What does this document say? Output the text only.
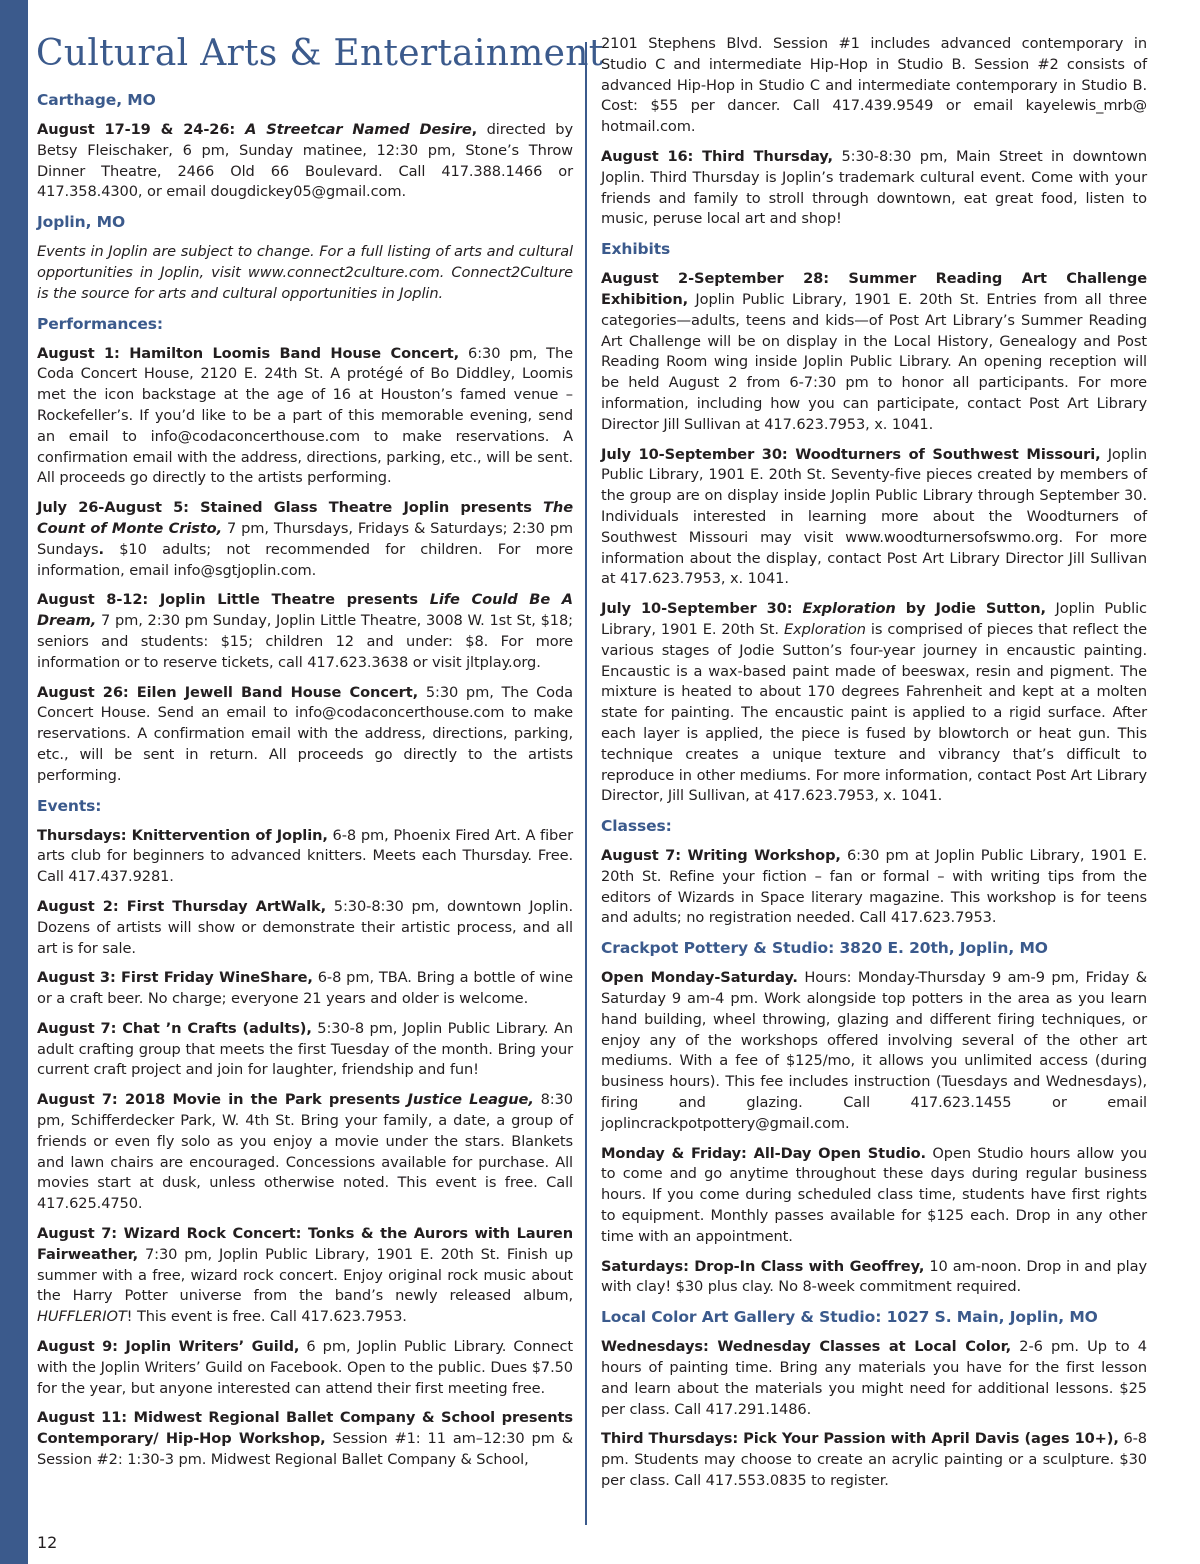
Cultural Arts & Entertainment
Carthage, MO

August 17-19 & 24-26: A Streetcar Named Desire, directed by Betsy Fleischaker, 6 pm, Sunday matinee, 12:30 pm, Stone’s Throw Dinner Theatre, 2466 Old 66 Boulevard. Call 417.388.1466 or 417.358.4300, or email dougdickey05@gmail.com.

Joplin, MO

Events in Joplin are subject to change. For a full listing of arts and cultural opportunities in Joplin, visit www.connect2culture.com. Connect2Culture is the source for arts and cultural opportunities in Joplin.

Performances:

August 1: Hamilton Loomis Band House Concert, 6:30 pm, The Coda Concert House, 2120 E. 24th St. A protégé of Bo Diddley, Loomis met the icon backstage at the age of 16 at Houston’s famed venue – Rockefeller’s. If you’d like to be a part of this memorable evening, send an email to info@codaconcerthouse.com to make reservations. A confirmation email with the address, directions, parking, etc., will be sent. All proceeds go directly to the artists performing.

July 26-August 5: Stained Glass Theatre Joplin presents The Count of Monte Cristo, 7 pm, Thursdays, Fridays & Saturdays; 2:30 pm Sundays. $10 adults; not recommended for children. For more information, email info@sgtjoplin.com.

August 8-12: Joplin Little Theatre presents Life Could Be A Dream, 7 pm, 2:30 pm Sunday, Joplin Little Theatre, 3008 W. 1st St, $18; seniors and students: $15; children 12 and under: $8. For more information or to reserve tickets, call 417.623.3638 or visit jltplay.org.

August 26: Eilen Jewell Band House Concert, 5:30 pm, The Coda Concert House. Send an email to info@codaconcerthouse.com to make reservations. A confirmation email with the address, directions, parking, etc., will be sent in return. All proceeds go directly to the artists performing.

Events:

Thursdays: Knittervention of Joplin, 6-8 pm, Phoenix Fired Art. A fiber arts club for beginners to advanced knitters. Meets each Thursday. Free. Call 417.437.9281.

August 2: First Thursday ArtWalk, 5:30-8:30 pm, downtown Joplin. Dozens of artists will show or demonstrate their artistic process, and all art is for sale.

August 3: First Friday WineShare, 6-8 pm, TBA. Bring a bottle of wine or a craft beer. No charge; everyone 21 years and older is welcome.

August 7: Chat ’n Crafts (adults), 5:30-8 pm, Joplin Public Library. An adult crafting group that meets the first Tuesday of the month. Bring your current craft project and join for laughter, friendship and fun!

August 7: 2018 Movie in the Park presents Justice League, 8:30 pm, Schifferdecker Park, W. 4th St. Bring your family, a date, a group of friends or even fly solo as you enjoy a movie under the stars. Blankets and lawn chairs are encouraged. Concessions available for purchase. All movies start at dusk, unless otherwise noted. This event is free. Call 417.625.4750.

August 7: Wizard Rock Concert: Tonks & the Aurors with Lauren Fairweather, 7:30 pm, Joplin Public Library, 1901 E. 20th St. Finish up summer with a free, wizard rock concert. Enjoy original rock music about the Harry Potter universe from the band’s newly released album, HUFFLERIOT! This event is free. Call 417.623.7953.

August 9: Joplin Writers’ Guild, 6 pm, Joplin Public Library. Connect with the Joplin Writers’ Guild on Facebook. Open to the public. Dues $7.50 for the year, but anyone interested can attend their first meeting free.

August 11: Midwest Regional Ballet Company & School presents Contemporary/ Hip-Hop Workshop, Session #1: 11 am–12:30 pm & Session #2: 1:30-3 pm. Midwest Regional Ballet Company & School,

2101 Stephens Blvd. Session #1 includes advanced contemporary in Studio C and intermediate Hip-Hop in Studio B. Session #2 consists of advanced Hip-Hop in Studio C and intermediate contemporary in Studio B. Cost: $55 per dancer. Call 417.439.9549 or email kayelewis_mrb@ hotmail.com.

August 16: Third Thursday, 5:30-8:30 pm, Main Street in downtown Joplin. Third Thursday is Joplin’s trademark cultural event. Come with your friends and family to stroll through downtown, eat great food, listen to music, peruse local art and shop!

Exhibits

August 2-September 28: Summer Reading Art Challenge Exhibition, Joplin Public Library, 1901 E. 20th St. Entries from all three categories—adults, teens and kids—of Post Art Library’s Summer Reading Art Challenge will be on display in the Local History, Genealogy and Post Reading Room wing inside Joplin Public Library. An opening reception will be held August 2 from 6-7:30 pm to honor all participants. For more information, including how you can participate, contact Post Art Library Director Jill Sullivan at 417.623.7953, x. 1041.

July 10-September 30: Woodturners of Southwest Missouri, Joplin Public Library, 1901 E. 20th St. Seventy-five pieces created by members of the group are on display inside Joplin Public Library through September 30. Individuals interested in learning more about the Woodturners of Southwest Missouri may visit www.woodturnersofswmo.org. For more information about the display, contact Post Art Library Director Jill Sullivan at 417.623.7953, x. 1041.

July 10-September 30: Exploration by Jodie Sutton, Joplin Public Library, 1901 E. 20th St. Exploration is comprised of pieces that reflect the various stages of Jodie Sutton’s four-year journey in encaustic painting. Encaustic is a wax-based paint made of beeswax, resin and pigment. The mixture is heated to about 170 degrees Fahrenheit and kept at a molten state for painting. The encaustic paint is applied to a rigid surface. After each layer is applied, the piece is fused by blowtorch or heat gun. This technique creates a unique texture and vibrancy that’s difficult to reproduce in other mediums. For more information, contact Post Art Library Director, Jill Sullivan, at 417.623.7953, x. 1041.

Classes:

August 7: Writing Workshop, 6:30 pm at Joplin Public Library, 1901 E. 20th St. Refine your fiction – fan or formal – with writing tips from the editors of Wizards in Space literary magazine. This workshop is for teens and adults; no registration needed. Call 417.623.7953.

Crackpot Pottery & Studio: 3820 E. 20th, Joplin, MO

Open Monday-Saturday. Hours: Monday-Thursday 9 am-9 pm, Friday & Saturday 9 am-4 pm. Work alongside top potters in the area as you learn hand building, wheel throwing, glazing and different firing techniques, or enjoy any of the workshops offered involving several of the other art mediums. With a fee of $125/mo, it allows you unlimited access (during business hours). This fee includes instruction (Tuesdays and Wednesdays), firing and glazing. Call 417.623.1455 or email joplincrackpotpottery@gmail.com.

Monday & Friday: All-Day Open Studio. Open Studio hours allow you to come and go anytime throughout these days during regular business hours. If you come during scheduled class time, students have first rights to equipment. Monthly passes available for $125 each. Drop in any other time with an appointment.

Saturdays: Drop-In Class with Geoffrey, 10 am-noon. Drop in and play with clay! $30 plus clay. No 8-week commitment required.

Local Color Art Gallery & Studio: 1027 S. Main, Joplin, MO

Wednesdays: Wednesday Classes at Local Color, 2-6 pm. Up to 4 hours of painting time. Bring any materials you have for the first lesson and learn about the materials you might need for additional lessons. $25 per class. Call 417.291.1486.

Third Thursdays: Pick Your Passion with April Davis (ages 10+), 6-8 pm. Students may choose to create an acrylic painting or a sculpture. $30 per class. Call 417.553.0835 to register.

12
